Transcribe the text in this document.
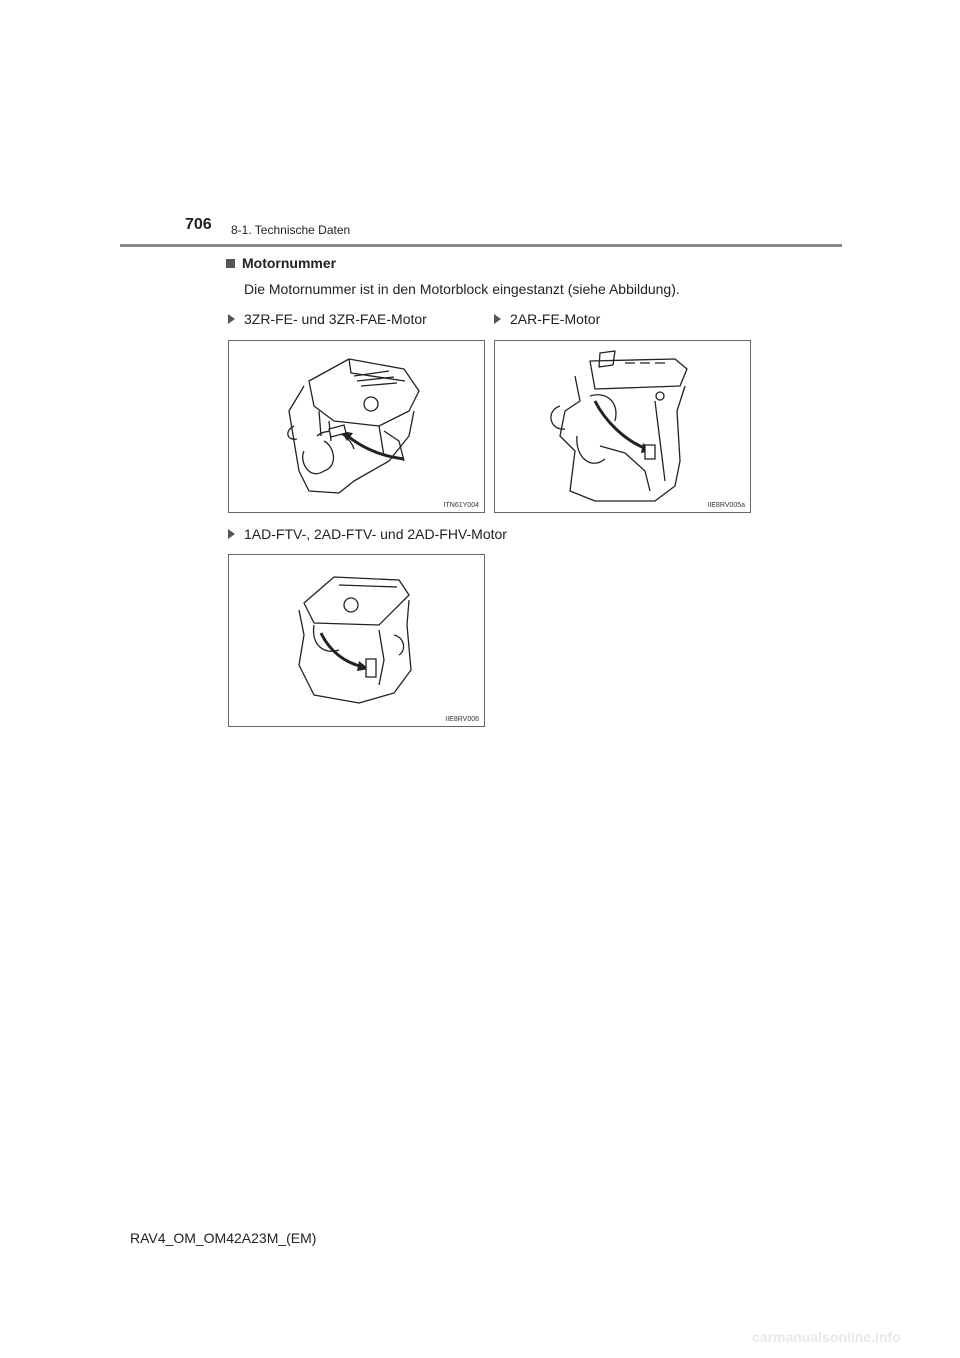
706 8-1. Technische Daten
Motornummer
Die Motornummer ist in den Motorblock eingestanzt (siehe Abbildung).
3ZR-FE- und 3ZR-FAE-Motor	2AR-FE-Motor
ITN61Y004	IIE8RV005a
1AD-FTV-, 2AD-FTV- und 2AD-FHV-Motor
IIE8RV006
RAV4_OM_OM42A23M_(EM)
carmanualsonline.info
